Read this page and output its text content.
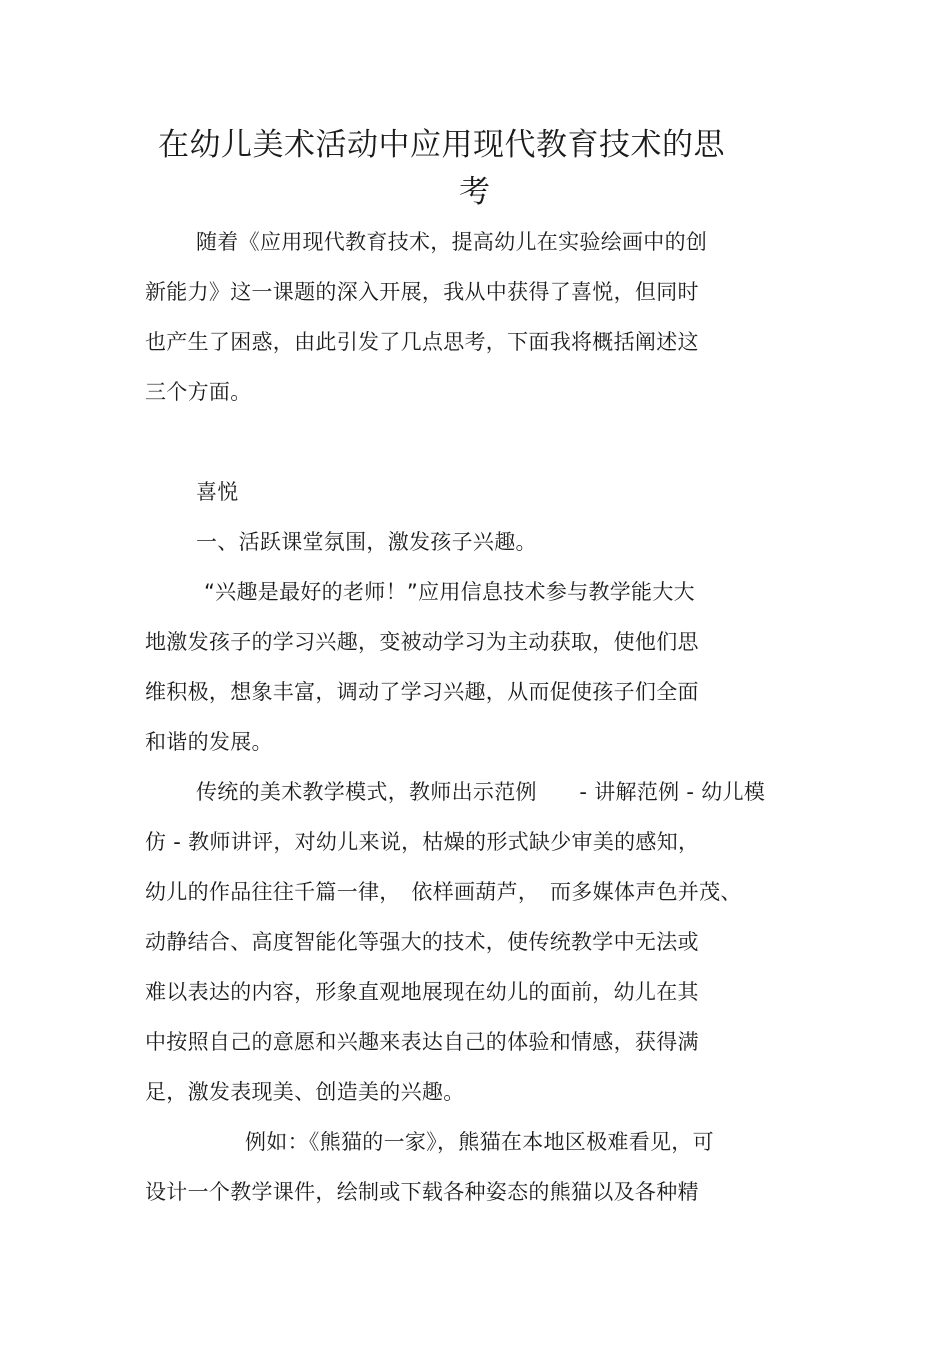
在幼儿美术活动中应用现代教育技术的思
考
随着《应用现代教育技术，提高幼儿在实验绘画中的创
新能力》这一课题的深入开展，我从中获得了喜悦，但同时
也产生了困惑，由此引发了几点思考，下面我将概括阐述这
三个方面。
喜悦
一、活跃课堂氛围，激发孩子兴趣。
“兴趣是最好的老师！”应用信息技术参与教学能大大
地激发孩子的学习兴趣，变被动学习为主动获取，使他们思
维积极，想象丰富，调动了学习兴趣，从而促使孩子们全面
和谐的发展。
传统的美术教学模式，教师出示范例　　- 讲解范例 - 幼儿模
仿 - 教师讲评，对幼儿来说，枯燥的形式缺少审美的感知，
幼儿的作品往往千篇一律，　依样画葫芦，　而多媒体声色并茂、
动静结合、高度智能化等强大的技术，使传统教学中无法或
难以表达的内容，形象直观地展现在幼儿的面前，幼儿在其
中按照自己的意愿和兴趣来表达自己的体验和情感，获得满
足，激发表现美、创造美的兴趣。
例如：《熊猫的一家》，熊猫在本地区极难看见，可
设计一个教学课件，绘制或下载各种姿态的熊猫以及各种精
